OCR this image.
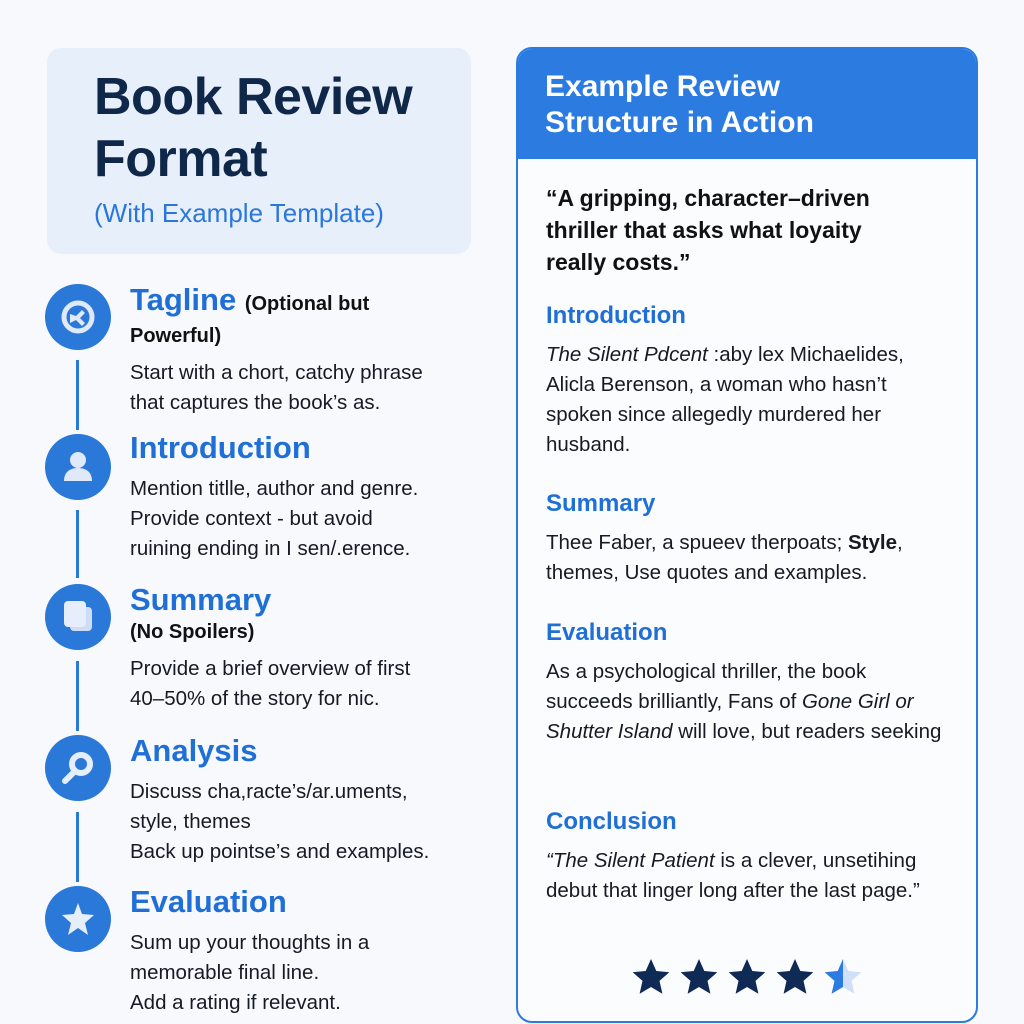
Book Review
Format
(With Example Template)
Tagline (Optional but
Powerful)
Start with a chort, catchy phrase
that captures the book’s as.
Introduction
Mention titlle, author and genre.
Provide context - but avoid
ruining ending in I sen/.erence.
Summary
(No Spoilers)
Provide a brief overview of first
40–50% of the story for nic.
Analysis
Discuss cha,racte’s/ar.uments,
style, themes
Back up pointse’s and examples.
Evaluation
Sum up your thoughts in a
memorable final line.
Add a rating if relevant.
Example Review
Structure in Action
“A gripping, character–driven thriller that asks what loyaity really costs.”
Introduction
The Silent Pdcent :aby lex Michaelides, Alicla Berenson, a woman who hasn’t spoken since allegedly murdered her husband.
Summary
Thee Faber, a spueev therpoats; Style, themes, Use quotes and examples.
Evaluation
As a psychological thriller, the book succeeds brilliantly, Fans of Gone Girl or Shutter Island will love, but readers seeking
Conclusion
“The Silent Patient is a clever, unsetihing debut that linger long after the last page.”
